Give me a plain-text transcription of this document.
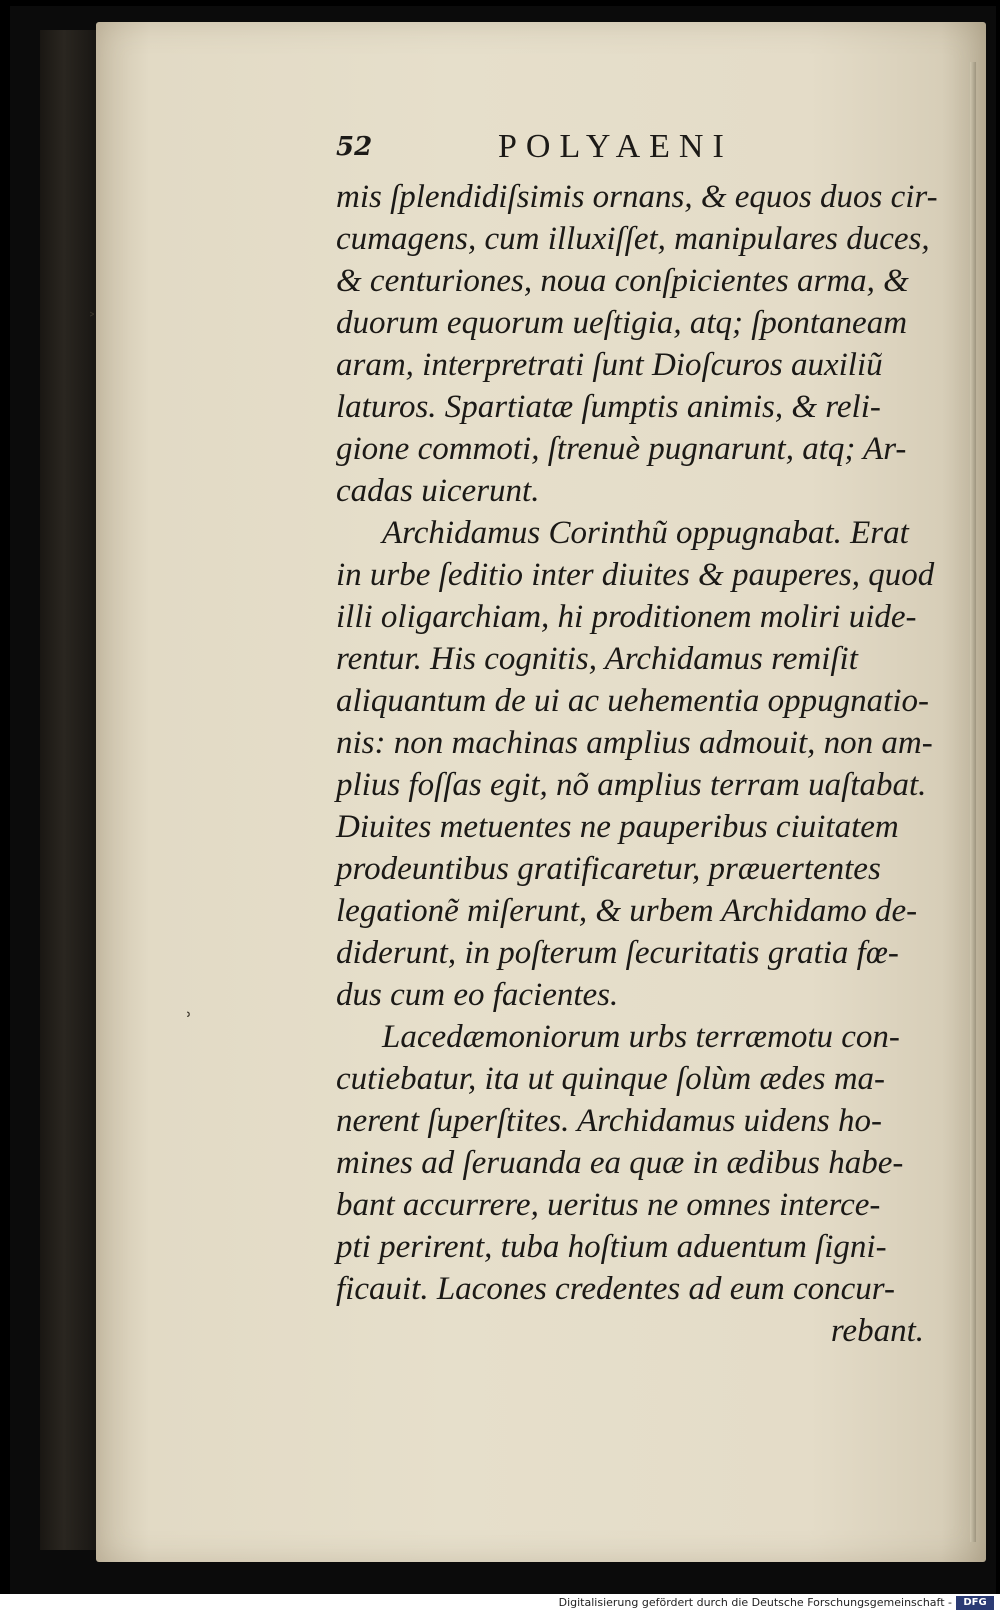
˃
ʾ
52	POLYAENI
mis ſplendidiſsimis ornans, & equos duos cir-
cumagens, cum illuxiſſet, manipulares duces,
& centuriones, noua conſpicientes arma, &
duorum equorum ueſtigia, atq; ſpontaneam
aram, interpretrati ſunt Dioſcuros auxiliũ
laturos. Spartiatæ ſumptis animis, & reli-
gione commoti, ſtrenuè pugnarunt, atq; Ar-
cadas uicerunt.
Archidamus Corinthũ oppugnabat. Erat
in urbe ſeditio inter diuites & pauperes, quod
illi oligarchiam, hi proditionem moliri uide-
rentur. His cognitis, Archidamus remiſit
aliquantum de ui ac uehementia oppugnatio-
nis: non machinas amplius admouit, non am-
plius foſſas egit, nõ amplius terram uaſtabat.
Diuites metuentes ne pauperibus ciuitatem
prodeuntibus gratificaretur, præuertentes
legationẽ miſerunt, & urbem Archidamo de-
diderunt, in poſterum ſecuritatis gratia fœ-
dus cum eo facientes.
Lacedæmoniorum urbs terræmotu con-
cutiebatur, ita ut quinque ſolùm ædes ma-
nerent ſuperſtites. Archidamus uidens ho-
mines ad ſeruanda ea quæ in ædibus habe-
bant accurrere, ueritus ne omnes interce-
pti perirent, tuba hoſtium aduentum ſigni-
ficauit. Lacones credentes ad eum concur-
rebant.
Digitalisierung gefördert durch die Deutsche Forschungsgemeinschaft -	DFG
